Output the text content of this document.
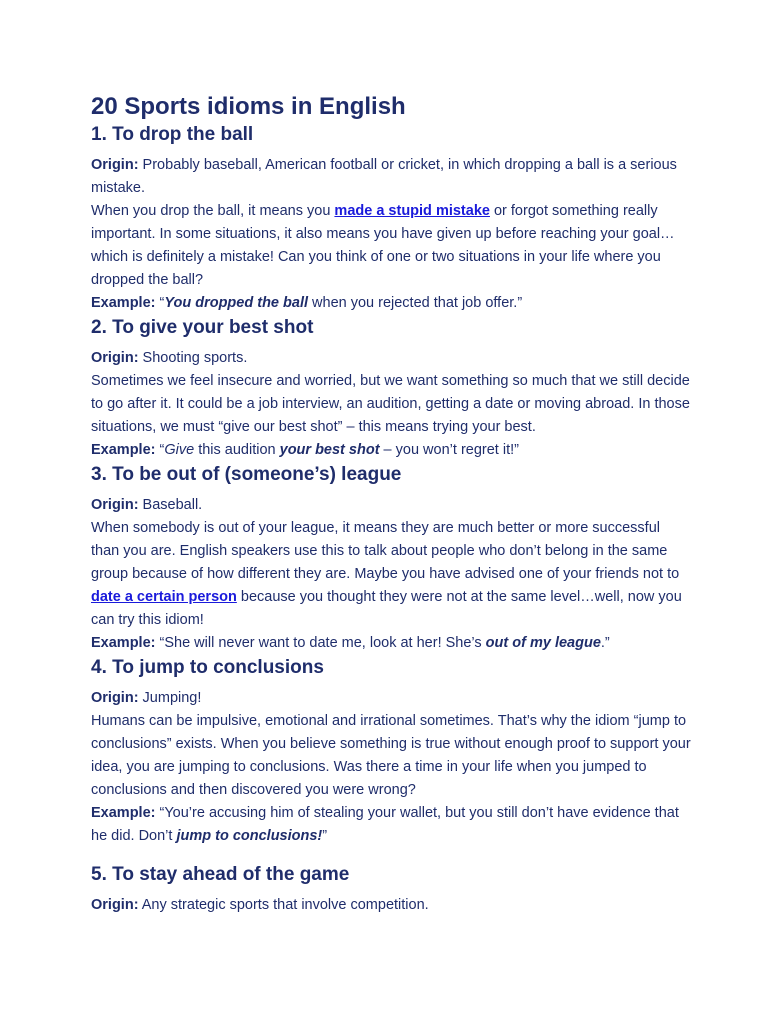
20 Sports idioms in English
1. To drop the ball

Origin: Probably baseball, American football or cricket, in which dropping a ball is a serious mistake.

When you drop the ball, it means you made a stupid mistake or forgot something really important. In some situations, it also means you have given up before reaching your goal… which is definitely a mistake! Can you think of one or two situations in your life where you dropped the ball?

Example: “You dropped the ball when you rejected that job offer.”

2. To give your best shot

Origin: Shooting sports.

Sometimes we feel insecure and worried, but we want something so much that we still decide to go after it. It could be a job interview, an audition, getting a date or moving abroad. In those situations, we must “give our best shot” – this means trying your best.

Example: “Give this audition your best shot – you won’t regret it!”

3. To be out of (someone’s) league

Origin: Baseball.

When somebody is out of your league, it means they are much better or more successful than you are. English speakers use this to talk about people who don’t belong in the same group because of how different they are. Maybe you have advised one of your friends not to date a certain person because you thought they were not at the same level…well, now you can try this idiom!

Example: “She will never want to date me, look at her! She’s out of my league.”

4. To jump to conclusions

Origin: Jumping!

Humans can be impulsive, emotional and irrational sometimes. That’s why the idiom “jump to conclusions” exists. When you believe something is true without enough proof to support your idea, you are jumping to conclusions. Was there a time in your life when you jumped to conclusions and then discovered you were wrong?

Example: “You’re accusing him of stealing your wallet, but you still don’t have evidence that he did. Don’t jump to conclusions!”

5. To stay ahead of the game

Origin: Any strategic sports that involve competition.
